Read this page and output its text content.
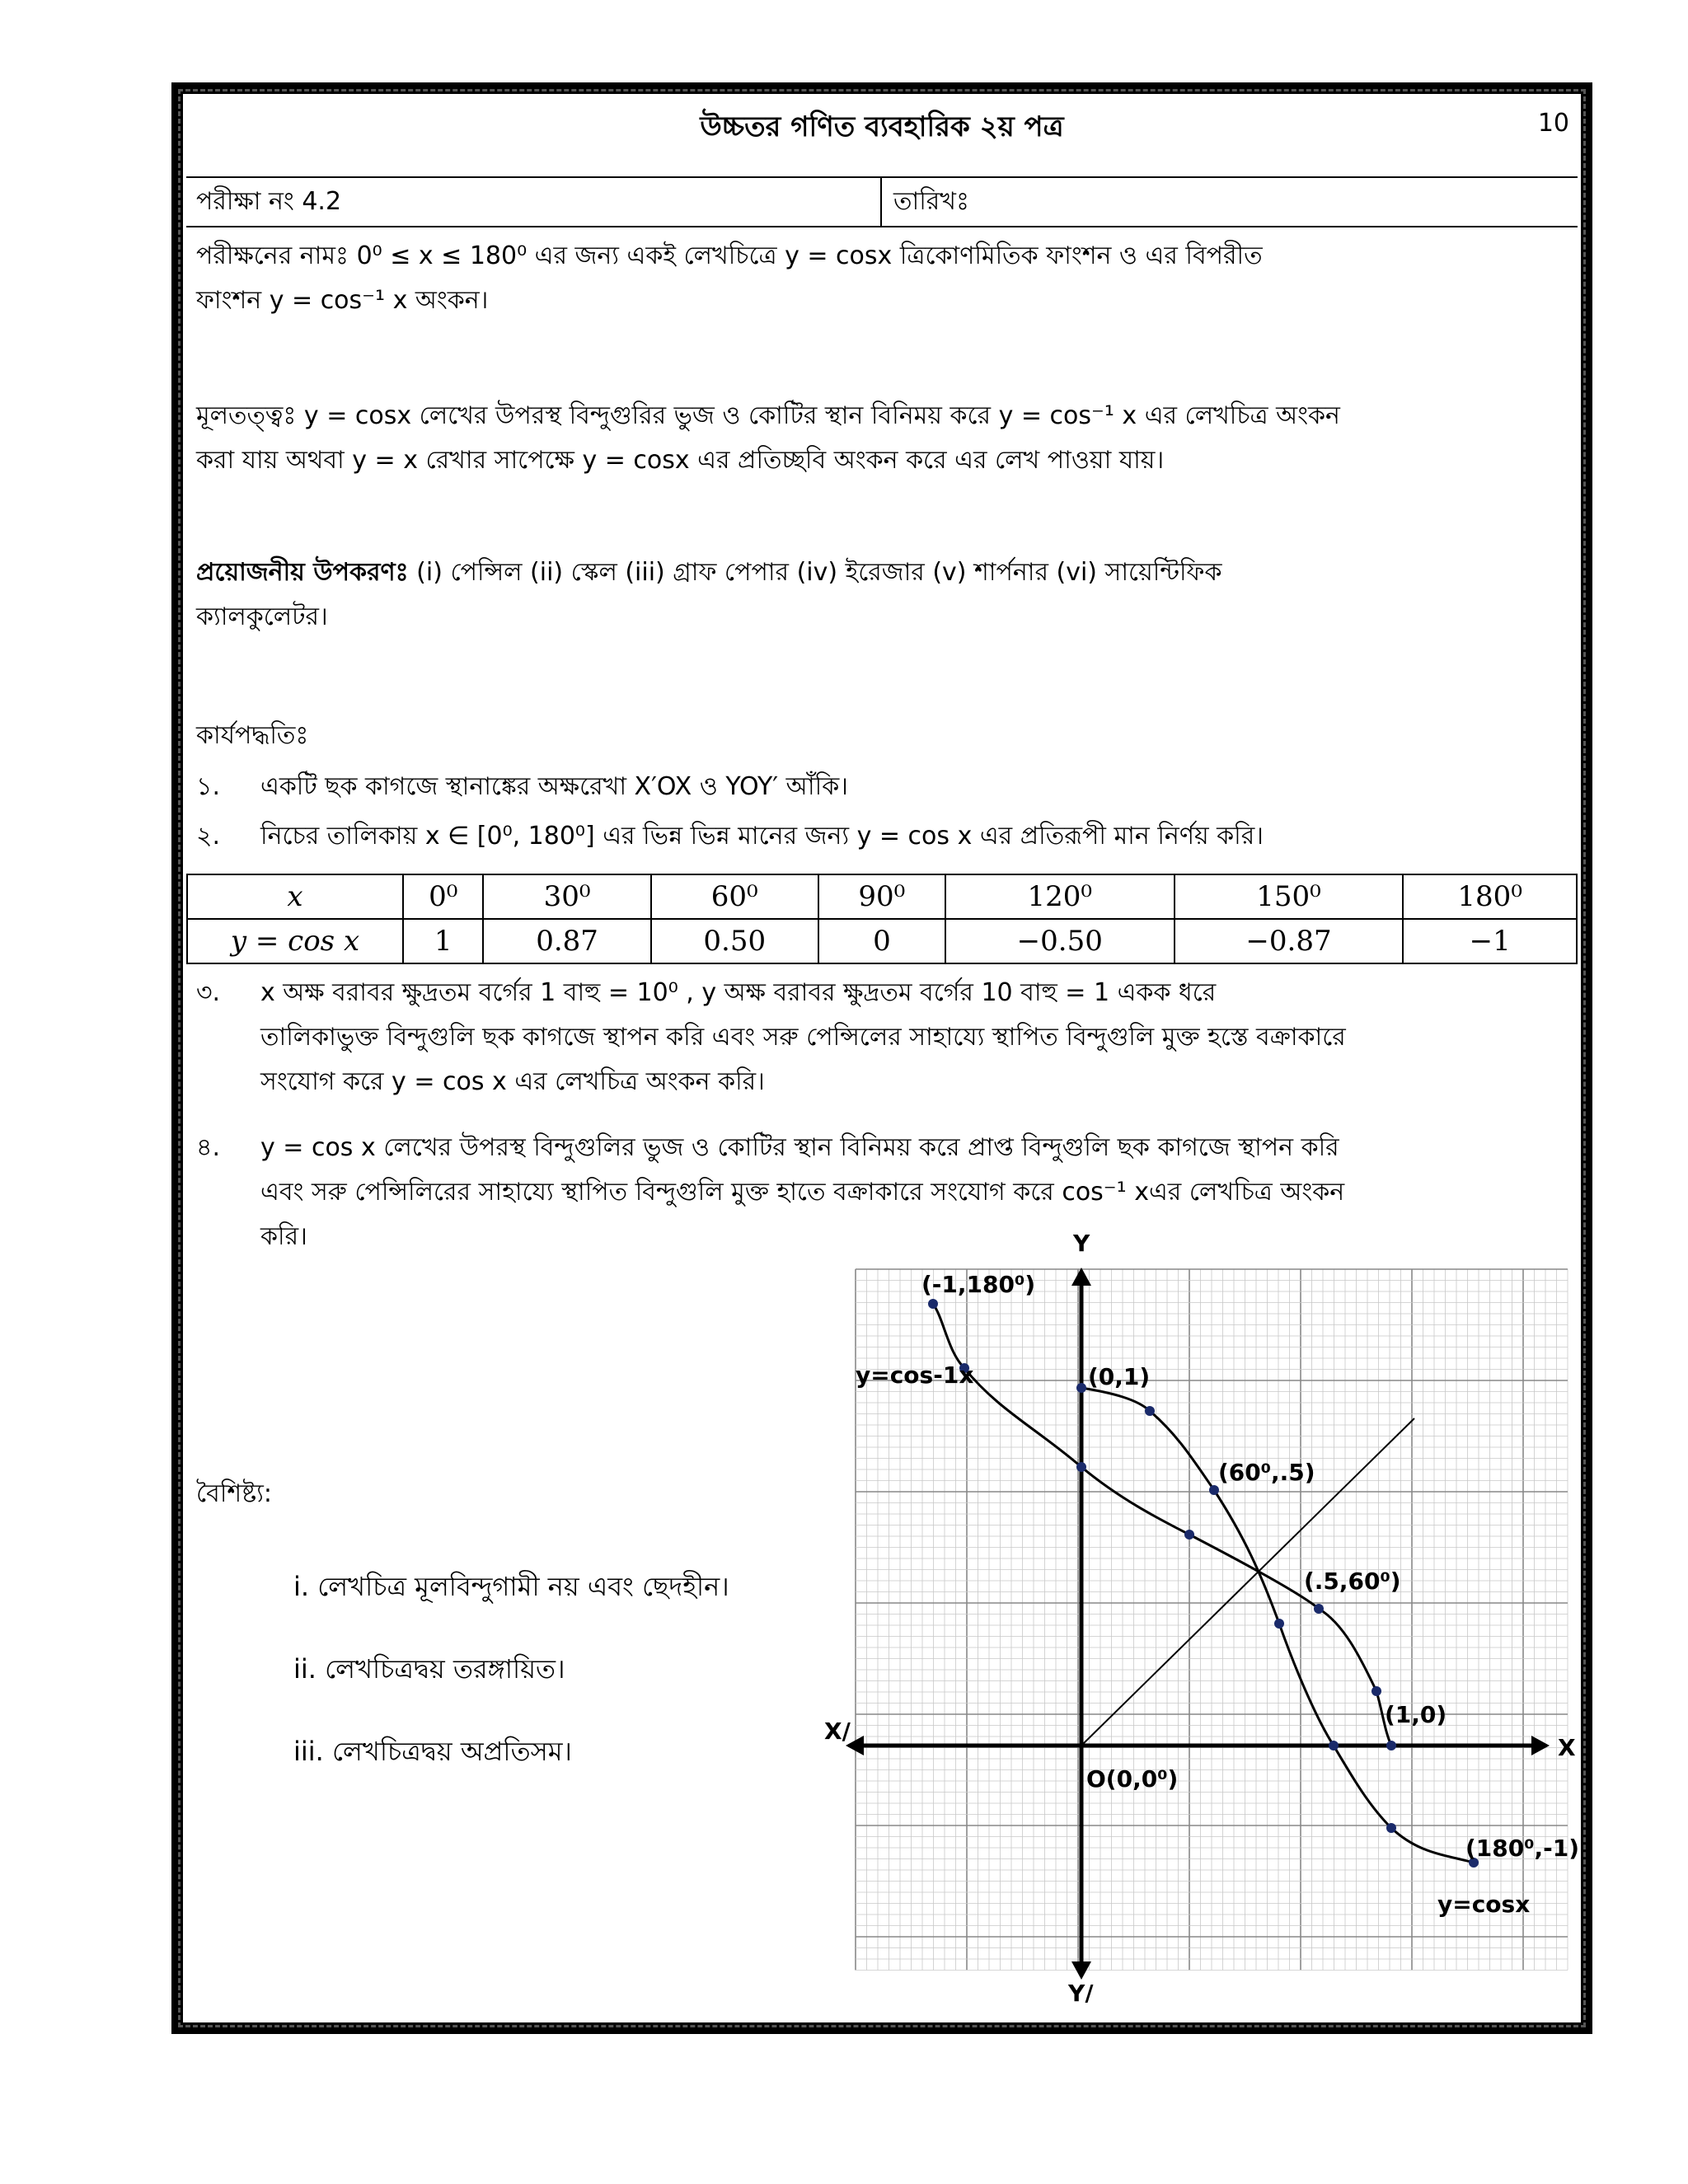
উচ্চতর গণিত ব্যবহারিক ২য় পত্র	10
পরীক্ষা নং 4.2	তারিখঃ
পরীক্ষনের নামঃ 0⁰ ≤ x ≤ 180⁰ এর জন্য একই লেখচিত্রে y = cosx ত্রিকোণমিতিক ফাংশন ও এর বিপরীত
ফাংশন y = cos⁻¹ x অংকন।
মূলতত্ত্বঃ y = cosx লেখের উপরস্থ বিন্দুগুরির ভুজ ও কোটির স্থান বিনিময় করে y = cos⁻¹ x এর লেখচিত্র অংকন
করা যায় অথবা y = x রেখার সাপেক্ষে y = cosx এর প্রতিচ্ছবি অংকন করে এর লেখ পাওয়া যায়।
প্রয়োজনীয় উপকরণঃ (i) পেন্সিল (ii) স্কেল (iii) গ্রাফ পেপার (iv) ইরেজার (v) শার্পনার (vi) সায়েন্টিফিক
ক্যালকুলেটর।
কার্যপদ্ধতিঃ
১. একটি ছক কাগজে স্থানাঙ্কের অক্ষরেখা X′OX ও YOY′ আঁকি।
২. নিচের তালিকায় x ∈ [0⁰, 180⁰] এর ভিন্ন ভিন্ন মানের জন্য y = cos x এর প্রতিরূপী মান নির্ণয় করি।
x	0⁰	30⁰	60⁰	90⁰	120⁰	150⁰	180⁰
y = cos x	1	0.87	0.50	0	−0.50	−0.87	−1
৩. x অক্ষ বরাবর ক্ষুদ্রতম বর্গের 1 বাহু = 10⁰ , y অক্ষ বরাবর ক্ষুদ্রতম বর্গের 10 বাহু = 1 একক ধরে
তালিকাভুক্ত বিন্দুগুলি ছক কাগজে স্থাপন করি এবং সরু পেন্সিলের সাহায্যে স্থাপিত বিন্দুগুলি মুক্ত হস্তে বক্রাকারে
সংযোগ করে y = cos x এর লেখচিত্র অংকন করি।
৪. y = cos x লেখের উপরস্থ বিন্দুগুলির ভুজ ও কোটির স্থান বিনিময় করে প্রাপ্ত বিন্দুগুলি ছক কাগজে স্থাপন করি
এবং সরু পেন্সিলিরের সাহায্যে স্থাপিত বিন্দুগুলি মুক্ত হাতে বক্রাকারে সংযোগ করে cos⁻¹ xএর লেখচিত্র অংকন
করি।
বৈশিষ্ট্য:
i. লেখচিত্র মূলবিন্দুগামী নয় এবং ছেদহীন।
ii. লেখচিত্রদ্বয় তরঙ্গায়িত।
iii. লেখচিত্রদ্বয় অপ্রতিসম।
Y
Y/
X
X/
O(0,0⁰)
(-1,180⁰)
(0,1)
(60⁰,.5)
(.5,60⁰)
(1,0)
(180⁰,-1)
y=cos-1x
y=cosx
